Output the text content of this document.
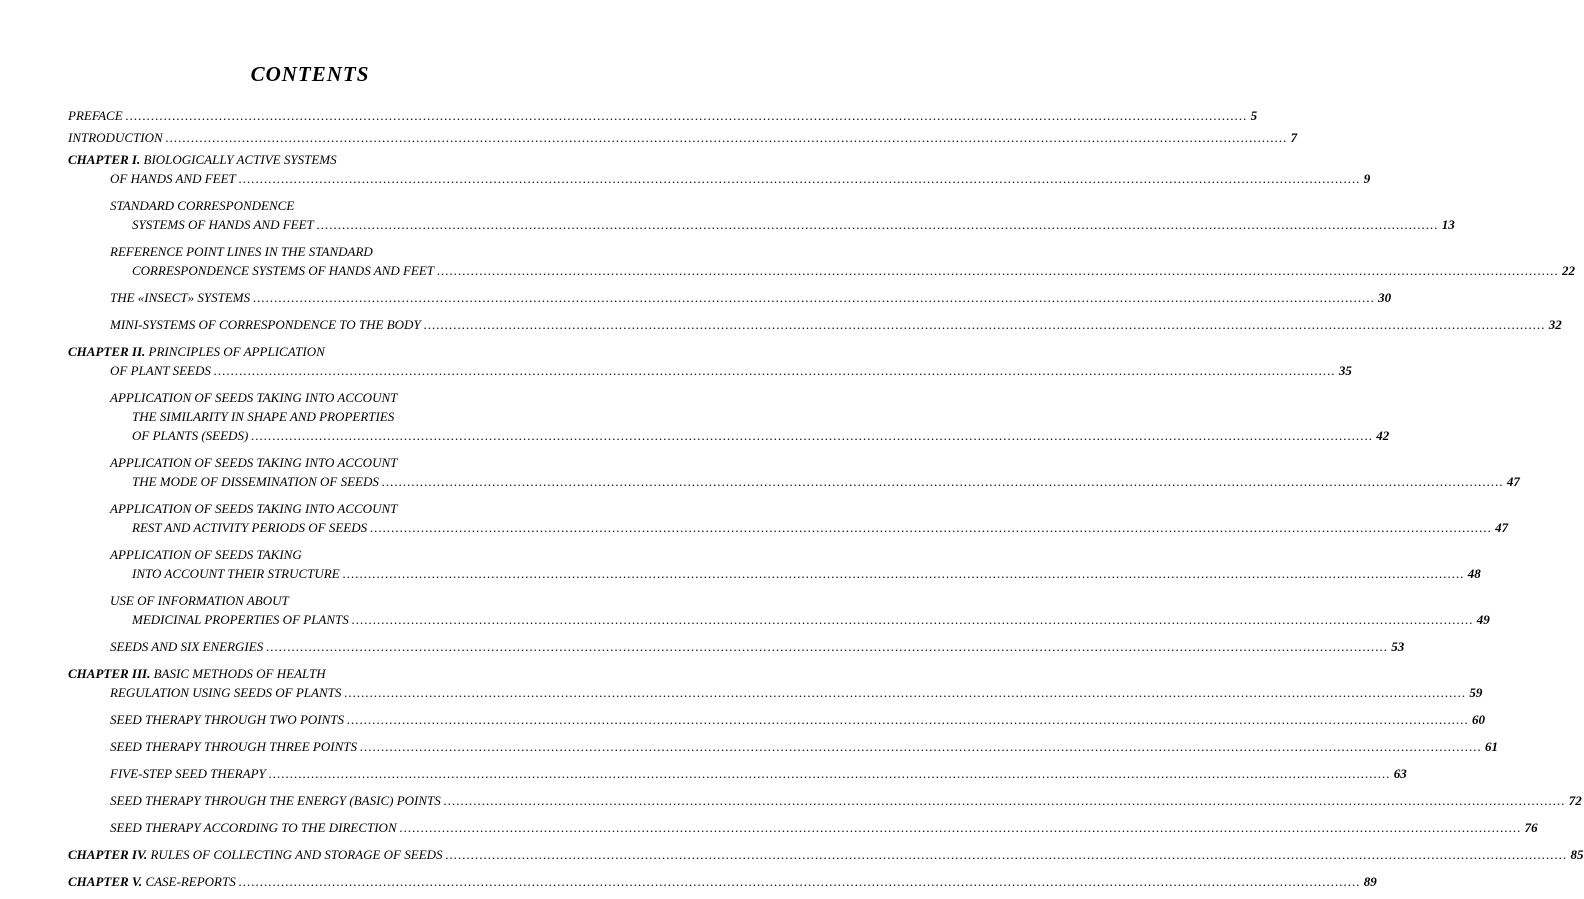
CONTENTS
PREFACE .....	5
INTRODUCTION .....	7
CHAPTER I. BIOLOGICALLY ACTIVE SYSTEMS
OF HANDS AND FEET .....	9
STANDARD CORRESPONDENCE
SYSTEMS OF HANDS AND FEET .....	13
REFERENCE POINT LINES IN THE STANDARD
CORRESPONDENCE SYSTEMS OF HANDS AND FEET .....	22
THE «INSECT» SYSTEMS .....	30
MINI-SYSTEMS OF CORRESPONDENCE TO THE BODY .....	32
CHAPTER II. PRINCIPLES OF APPLICATION
OF PLANT SEEDS .....	35
APPLICATION OF SEEDS TAKING INTO ACCOUNT
THE SIMILARITY IN SHAPE AND PROPERTIES
OF PLANTS (SEEDS) .....	42
APPLICATION OF SEEDS TAKING INTO ACCOUNT
THE MODE OF DISSEMINATION OF SEEDS .....	47
APPLICATION OF SEEDS TAKING INTO ACCOUNT
REST AND ACTIVITY PERIODS OF SEEDS .....	47
APPLICATION OF SEEDS TAKING
INTO ACCOUNT THEIR STRUCTURE .....	48
USE OF INFORMATION ABOUT
MEDICINAL PROPERTIES OF PLANTS .....	49
SEEDS AND SIX ENERGIES .....	53
CHAPTER III. BASIC METHODS OF HEALTH
REGULATION USING SEEDS OF PLANTS .....	59
SEED THERAPY THROUGH TWO POINTS .....	60
SEED THERAPY THROUGH THREE POINTS .....	61
FIVE-STEP SEED THERAPY .....	63
SEED THERAPY THROUGH THE ENERGY (BASIC) POINTS .....	72
SEED THERAPY ACCORDING TO THE DIRECTION .....	76
CHAPTER IV. RULES OF COLLECTING AND STORAGE OF SEEDS .....	85
CHAPTER V. CASE-REPORTS .....	89
